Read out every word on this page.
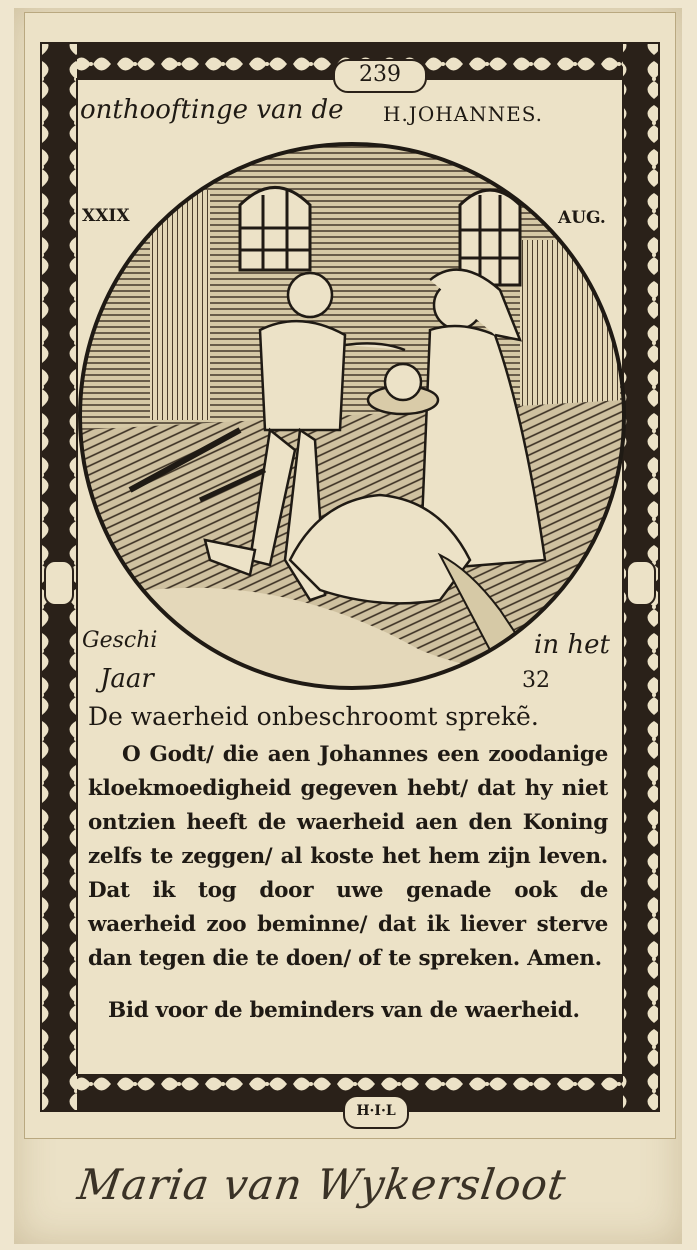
239
H·I·L
onthooftinge van de H.JOHANNES.
XXIX	AUG.
Geschi	in het
Jaar	32
De waerheid onbeschroomt sprekẽ.

O Godt/ die aen Johannes een zoodanige kloekmoedigheid gegeven hebt/ dat hy niet ontzien heeft de waerheid aen den Koning zelfs te zeggen/ al koste het hem zijn leven. Dat ik tog door uwe genade ook de waerheid zoo beminne/ dat ik liever sterve dan tegen die te doen/ of te spreken. Amen.

Bid voor de beminders van de waerheid.
Maria van Wykersloot
